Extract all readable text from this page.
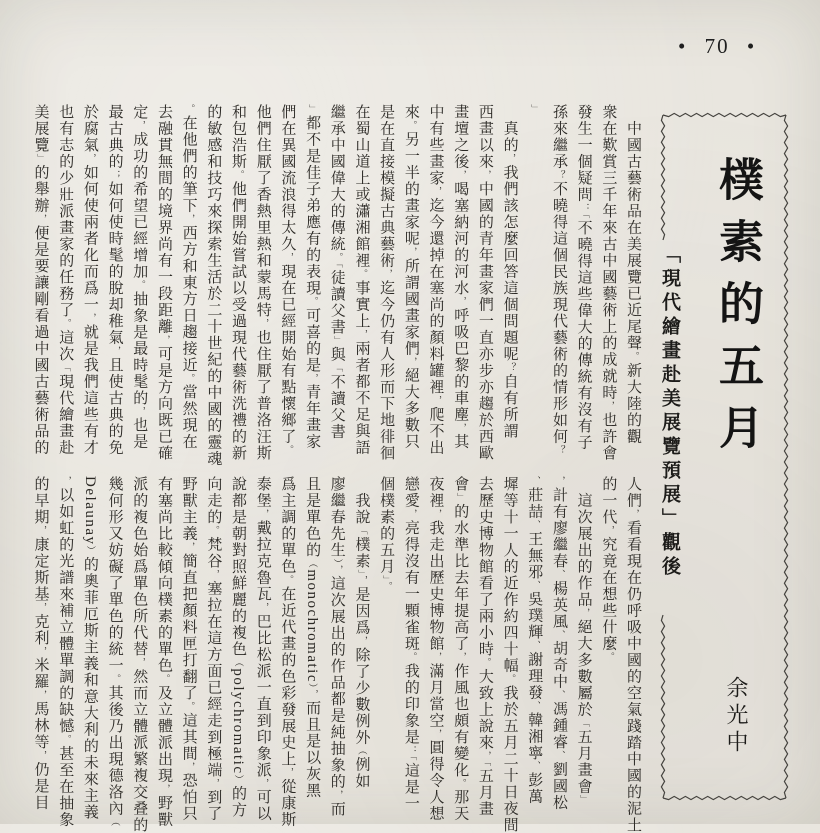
• 70 •
　中國古藝術品在美展覽已近尾聲。新大陸的觀
衆在歎賞三千年來古中國藝術上的成就時，也許會
發生一個疑問：「不曉得這些偉大的傳統有沒有子
孫來繼承？不曉得這個民族現代藝術的情形如何？
」
　真的，我們該怎麼回答這個問題呢？自有所謂
西畫以來，中國的青年畫家們一直亦步亦趨於西歐
畫壇之後，喝塞納河的河水，呼吸巴黎的車塵，其
中有些畫家，迄今還掉在塞尚的顏料罐裡，爬不出
來。另一半的畫家呢，所謂國畫家們，絕大多數只
是在直接模擬古典藝術，迄今仍有人形而下地徘徊
在蜀山道上或瀟湘館裡。事實上，兩者都不足與語
繼承中國偉大的傳統。「徒讀父書」與「不讀父書
」都不是佳子弟應有的表現。可喜的是，青年畫家
們在異國流浪得太久，現在已經開始有點懷鄉了。
他們住厭了香熱里熱和蒙馬特，也住厭了普洛汪斯
和包浩斯。他們開始嘗試以受過現代藝術洗禮的新
的敏感和技巧來探索生活於二十世紀的中國的靈魂
。在他們的筆下，西方和東方日趨接近。當然現在
去融貫無間的境界尚有一段距離，可是方向既已確
定，成功的希望已經增加。抽象是最時髦的，也是
最古典的；如何使時髦的脫却稚氣，且使古典的免
於腐氣，如何使兩者化而爲一，就是我們這些有才
也有志的少壯派畫家的任務了。這次「現代繪畫赴
美展覽」的舉辦，便是要讓剛看過中國古藝術品的
人們，看看現在仍呼吸中國的空氣踐踏中國的泥土
的一代，究竟在想些什麼。
　這次展出的作品，絕大多數屬於「五月畫會」
，計有廖繼春、楊英風、胡奇中、馮鍾睿、劉國松
、莊喆、王無邪、吳璞輝、謝理發、韓湘寧、彭萬
墀等十一人的近作約四十幅。我於五月二十日夜間
去歷史博物館看了兩小時。大致上說來，「五月畫
會」的水準比去年提高了，作風也頗有變化。那天
夜裡，我走出歷史博物館，滿月當空，圓得令人想
戀愛，亮得沒有一顆雀斑。我的印象是：「這是一
個樸素的五月」。
　我說「樸素」，是因爲，除了少數例外（例如
廖繼春先生），這次展出的作品都是純抽象的，而
且是單色的（monochromatic），而且是以灰黑
爲主調的單色。在近代畫的色彩發展史上，從康斯
泰堡，戴拉克魯瓦，巴比松派一直到印象派，可以
說都是朝對照鮮麗的複色（polychromatic）的方
向走的。梵谷，塞拉在這方面已經走到極端，到了
野獸主義，簡直把顏料匣打翻了。這其間，恐怕只
有塞尚比較傾向樸素的單色。及立體派出現，野獸
派的複色始爲單色所代替，然而立體派繁複交叠的
幾何形又妨礙了單色的統一。其後乃出現德洛內（
Delaunay）的奧菲厄斯主義和意大利的未來主義
，以如虹的光譜來補立體單調的缺憾。甚至在抽象
的早期，康定斯基，克利，米羅，馬林等，仍是目
樸素的五月
「現代繪畫赴美展覽預展」觀後
余光中
